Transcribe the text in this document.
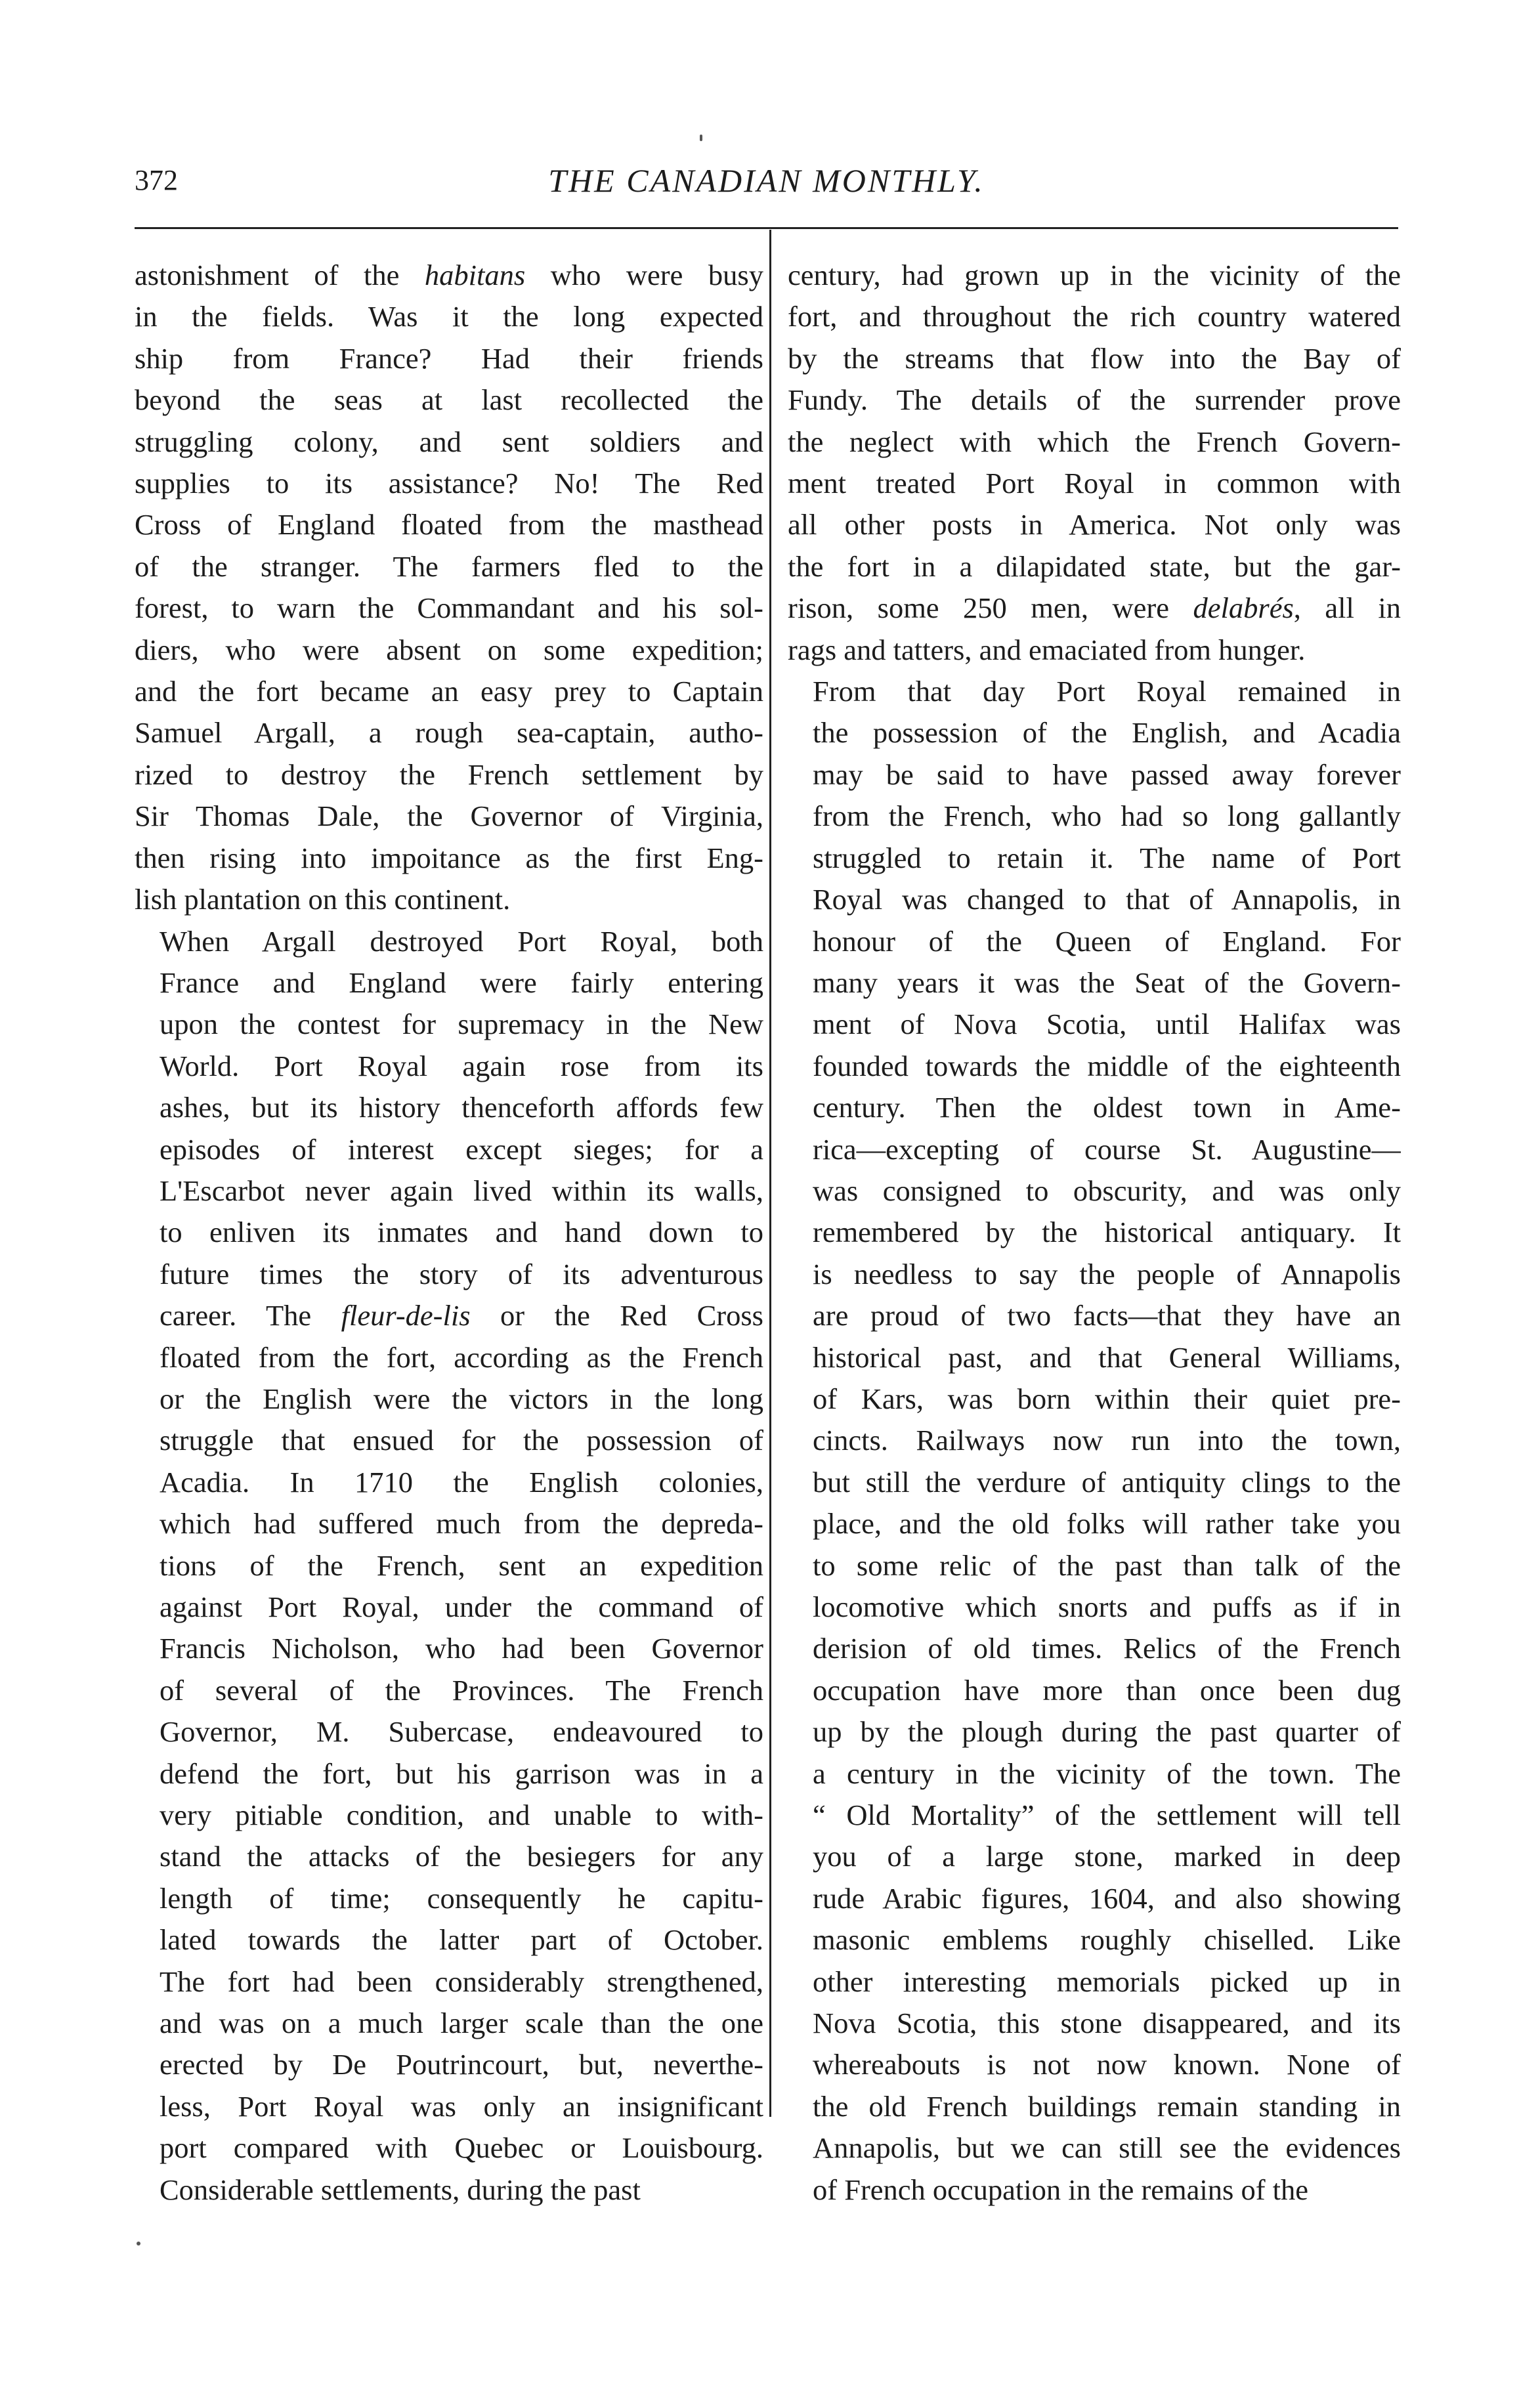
372	THE CANADIAN MONTHLY.

astonishment of the habitans who were busy
in the fields. Was it the long expected
ship from France? Had their friends
beyond the seas at last recollected the
struggling colony, and sent soldiers and
supplies to its assistance? No! The Red
Cross of England floated from the masthead
of the stranger. The farmers fled to the
forest, to warn the Commandant and his sol-
diers, who were absent on some expedition;
and the fort became an easy prey to Captain
Samuel Argall, a rough sea-captain, autho-
rized to destroy the French settlement by
Sir Thomas Dale, the Governor of Virginia,
then rising into impoitance as the first Eng-
lish plantation on this continent.

When Argall destroyed Port Royal, both
France and England were fairly entering
upon the contest for supremacy in the New
World. Port Royal again rose from its
ashes, but its history thenceforth affords few
episodes of interest except sieges; for a
L'Escarbot never again lived within its walls,
to enliven its inmates and hand down to
future times the story of its adventurous
career. The fleur-de-lis or the Red Cross
floated from the fort, according as the French
or the English were the victors in the long
struggle that ensued for the possession of
Acadia. In 1710 the English colonies,
which had suffered much from the depreda-
tions of the French, sent an expedition
against Port Royal, under the command of
Francis Nicholson, who had been Governor
of several of the Provinces. The French
Governor, M. Subercase, endeavoured to
defend the fort, but his garrison was in a
very pitiable condition, and unable to with-
stand the attacks of the besiegers for any
length of time; consequently he capitu-
lated towards the latter part of October.
The fort had been considerably strengthened,
and was on a much larger scale than the one
erected by De Poutrincourt, but, neverthe-
less, Port Royal was only an insignificant
port compared with Quebec or Louisbourg.
Considerable settlements, during the past

century, had grown up in the vicinity of the
fort, and throughout the rich country watered
by the streams that flow into the Bay of
Fundy. The details of the surrender prove
the neglect with which the French Govern-
ment treated Port Royal in common with
all other posts in America. Not only was
the fort in a dilapidated state, but the gar-
rison, some 250 men, were delabrés, all in
rags and tatters, and emaciated from hunger.

From that day Port Royal remained in
the possession of the English, and Acadia
may be said to have passed away forever
from the French, who had so long gallantly
struggled to retain it. The name of Port
Royal was changed to that of Annapolis, in
honour of the Queen of England. For
many years it was the Seat of the Govern-
ment of Nova Scotia, until Halifax was
founded towards the middle of the eighteenth
century. Then the oldest town in Ame-
rica—excepting of course St. Augustine—
was consigned to obscurity, and was only
remembered by the historical antiquary. It
is needless to say the people of Annapolis
are proud of two facts—that they have an
historical past, and that General Williams,
of Kars, was born within their quiet pre-
cincts. Railways now run into the town,
but still the verdure of antiquity clings to the
place, and the old folks will rather take you
to some relic of the past than talk of the
locomotive which snorts and puffs as if in
derision of old times. Relics of the French
occupation have more than once been dug
up by the plough during the past quarter of
a century in the vicinity of the town. The
“ Old Mortality” of the settlement will tell
you of a large stone, marked in deep
rude Arabic figures, 1604, and also showing
masonic emblems roughly chiselled. Like
other interesting memorials picked up in
Nova Scotia, this stone disappeared, and its
whereabouts is not now known. None of
the old French buildings remain standing in
Annapolis, but we can still see the evidences
of French occupation in the remains of the
